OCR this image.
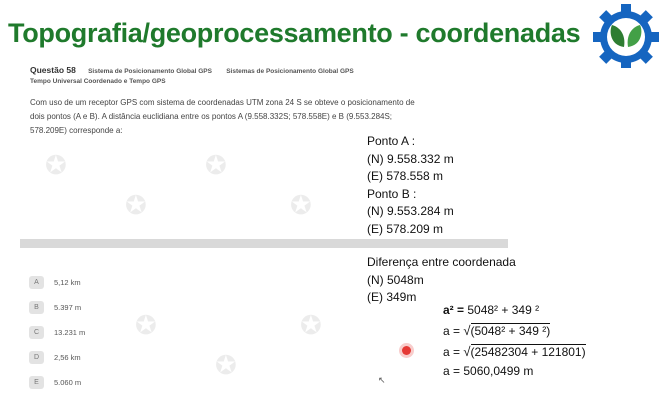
Topografia/geoprocessamento - coordenadas
Questão 58 Sistema de Posicionamento Global GPS Sistemas de Posicionamento Global GPS
Tempo Universal Coordenado e Tempo GPS
Com uso de um receptor GPS com sistema de coordenadas UTM zona 24 S se obteve o posicionamento de
dois pontos (A e B). A distância euclidiana entre os pontos A (9.558.332S; 578.558E) e B (9.553.284S;
578.209E) corresponde a:
✪
✪
✪
✪
✪
✪
✪
A	5,12 km
B	5.397 m
C	13.231 m
D	2,56 km
E	5.060 m
Ponto A :
(N) 9.558.332 m
(E) 578.558 m
Ponto B :
(N) 9.553.284 m
(E) 578.209 m
Diferença entre coordenada
(N) 5048m
(E) 349m
a² = 5048² + 349 ²
a = √(5048² + 349 ²)
a = √(25482304 + 121801)
a = 5060,0499 m
↖
